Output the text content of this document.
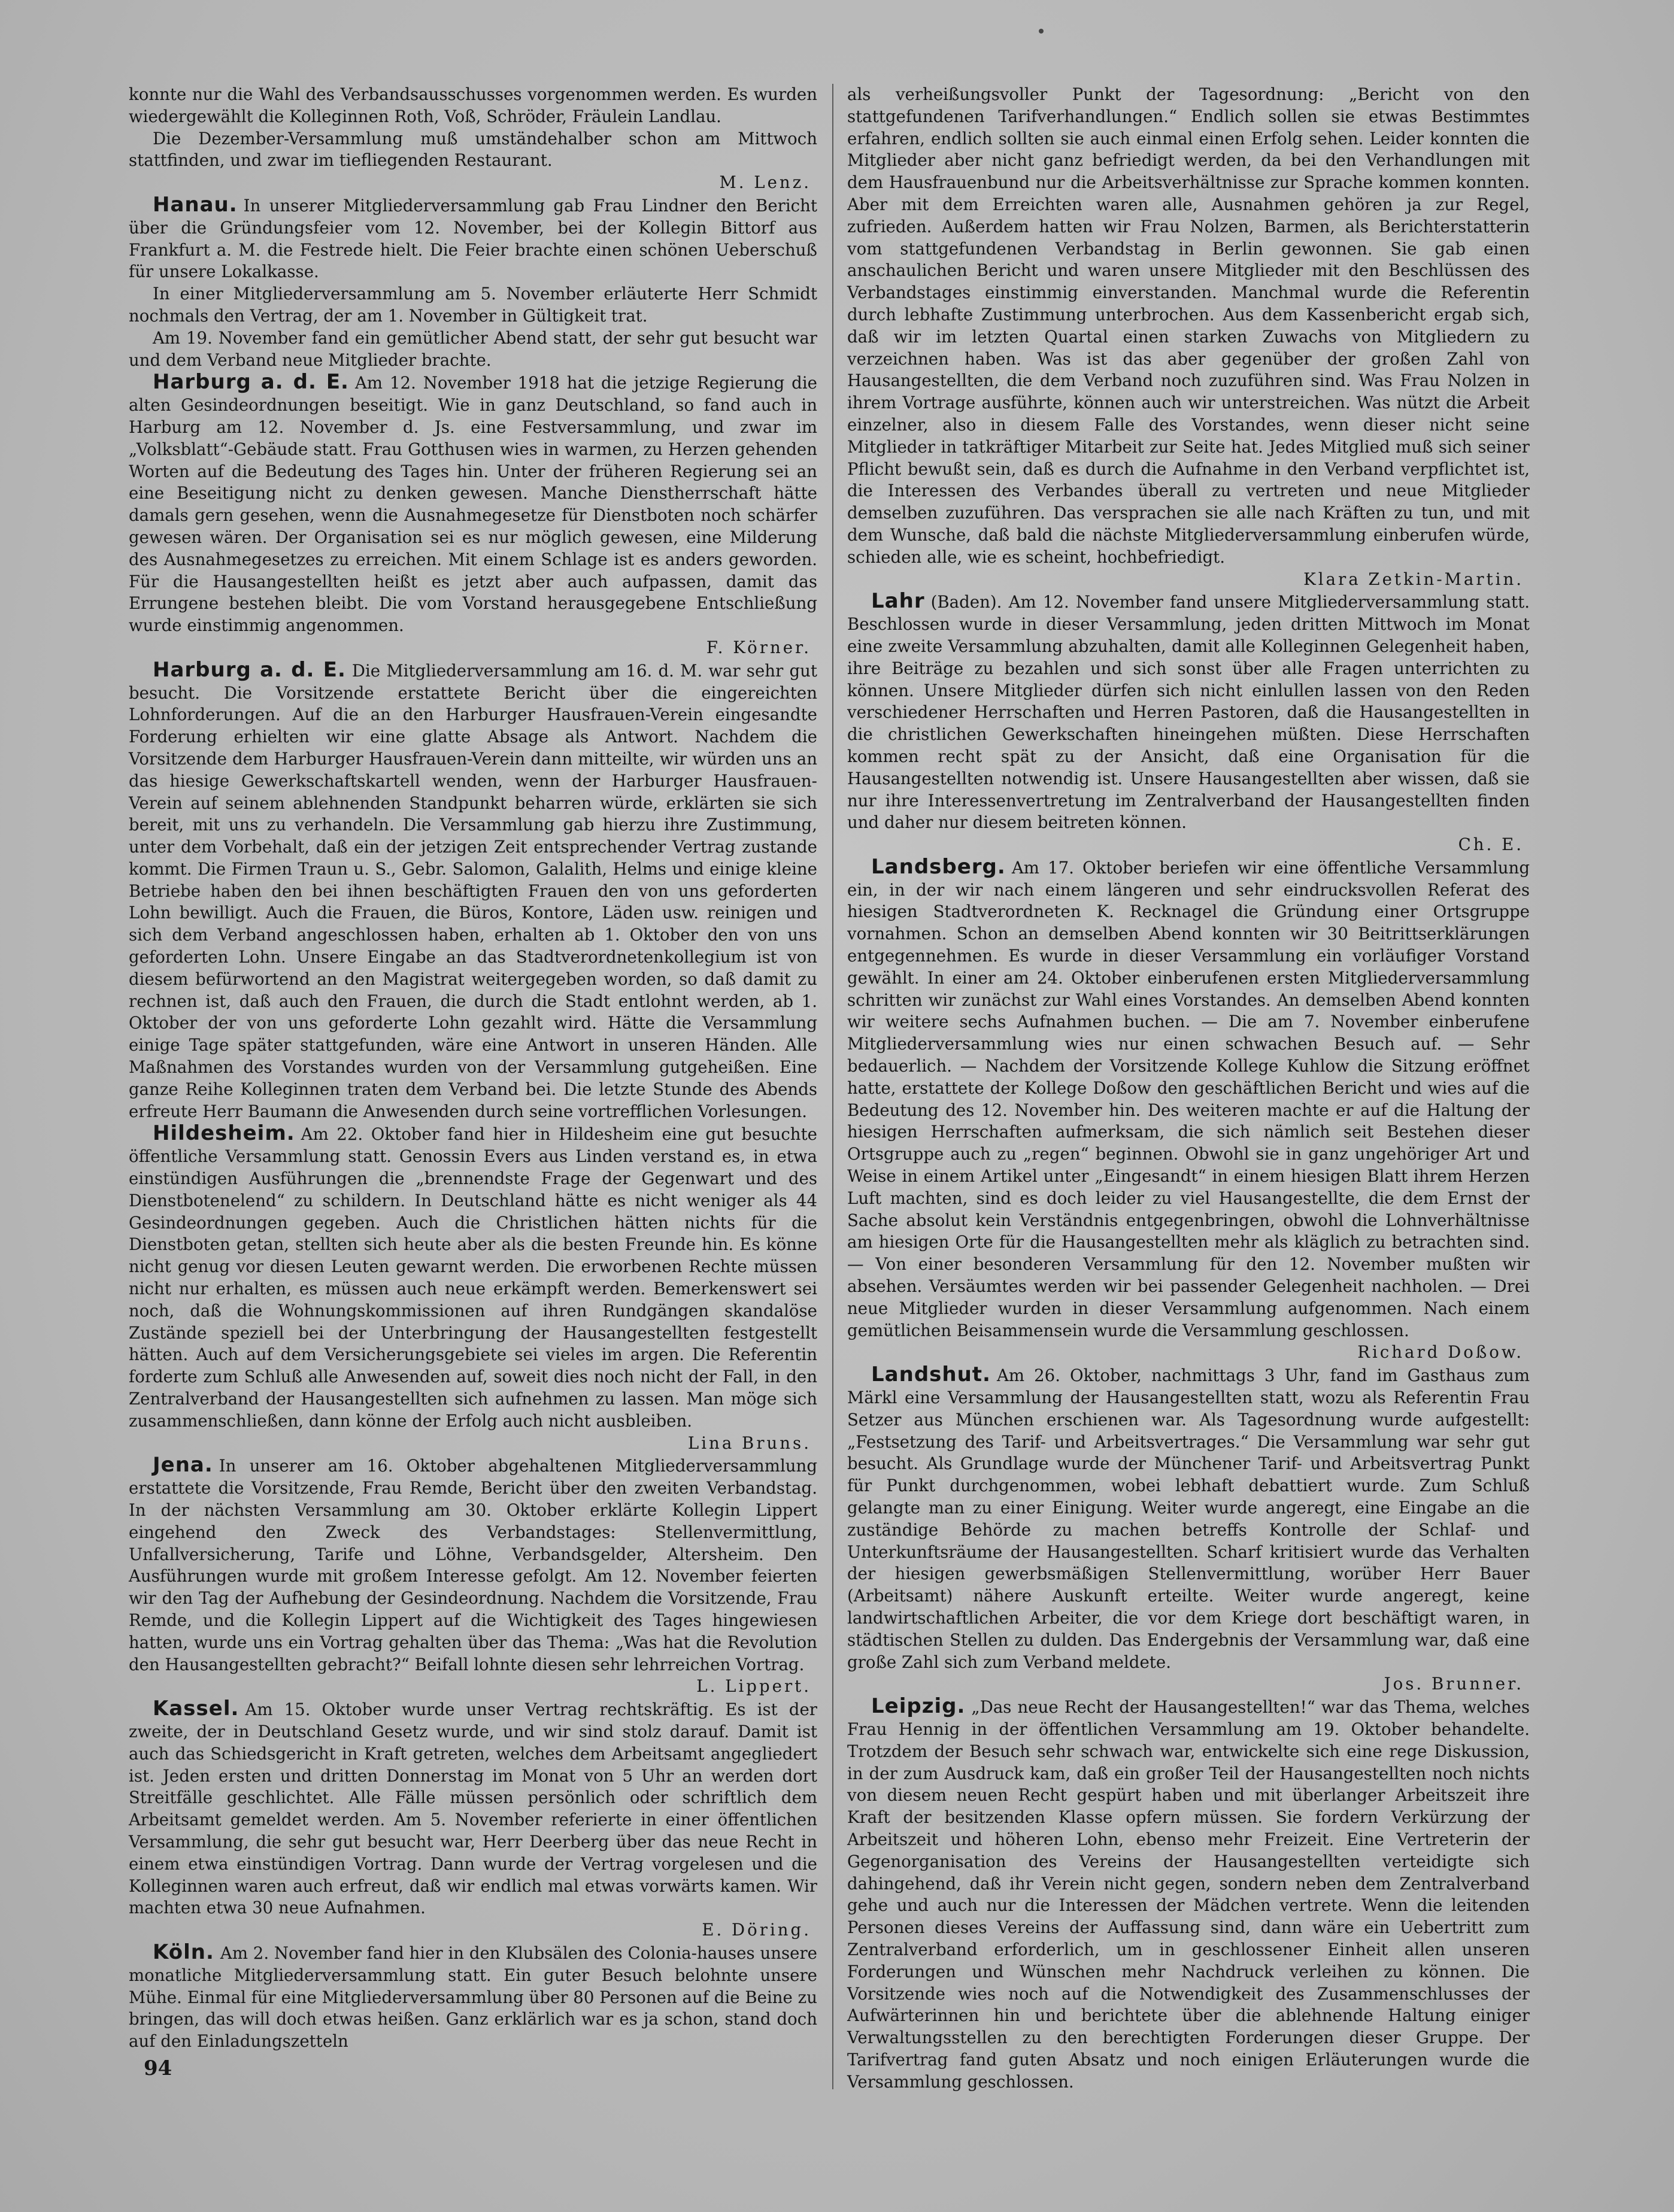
konnte nur die Wahl des Verbandsausschusses vorgenommen werden. Es wurden wiedergewählt die Kolleginnen Roth, Voß, Schröder, Fräulein Landlau.

Die Dezember-Versammlung muß umständehalber schon am Mittwoch stattfinden, und zwar im tiefliegenden Restaurant.

M. Lenz.

Hanau. In unserer Mitgliederversammlung gab Frau Lindner den Bericht über die Gründungsfeier vom 12. November, bei der Kollegin Bittorf aus Frankfurt a. M. die Festrede hielt. Die Feier brachte einen schönen Ueberschuß für unsere Lokalkasse.

In einer Mitgliederversammlung am 5. November erläuterte Herr Schmidt nochmals den Vertrag, der am 1. November in Gültigkeit trat.

Am 19. November fand ein gemütlicher Abend statt, der sehr gut besucht war und dem Verband neue Mitglieder brachte.

Harburg a. d. E. Am 12. November 1918 hat die jetzige Regierung die alten Gesindeordnungen beseitigt. Wie in ganz Deutschland, so fand auch in Harburg am 12. November d. Js. eine Festversammlung, und zwar im „Volksblatt“-Gebäude statt. Frau Gotthusen wies in warmen, zu Herzen gehenden Worten auf die Bedeutung des Tages hin. Unter der früheren Regierung sei an eine Beseitigung nicht zu denken gewesen. Manche Dienstherrschaft hätte damals gern gesehen, wenn die Ausnahmegesetze für Dienstboten noch schärfer gewesen wären. Der Organisation sei es nur möglich gewesen, eine Milderung des Ausnahmegesetzes zu erreichen. Mit einem Schlage ist es anders geworden. Für die Hausangestellten heißt es jetzt aber auch aufpassen, damit das Errungene bestehen bleibt. Die vom Vorstand herausgegebene Entschließung wurde einstimmig angenommen.

F. Körner.

Harburg a. d. E. Die Mitgliederversammlung am 16. d. M. war sehr gut besucht. Die Vorsitzende erstattete Bericht über die eingereichten Lohnforderungen. Auf die an den Harburger Hausfrauen-Verein eingesandte Forderung erhielten wir eine glatte Absage als Antwort. Nachdem die Vorsitzende dem Harburger Hausfrauen-Verein dann mitteilte, wir würden uns an das hiesige Gewerkschaftskartell wenden, wenn der Harburger Hausfrauen-Verein auf seinem ablehnenden Standpunkt beharren würde, erklärten sie sich bereit, mit uns zu verhandeln. Die Versammlung gab hierzu ihre Zustimmung, unter dem Vorbehalt, daß ein der jetzigen Zeit entsprechender Vertrag zustande kommt. Die Firmen Traun u. S., Gebr. Salomon, Galalith, Helms und einige kleine Betriebe haben den bei ihnen beschäftigten Frauen den von uns geforderten Lohn bewilligt. Auch die Frauen, die Büros, Kontore, Läden usw. reinigen und sich dem Verband angeschlossen haben, erhalten ab 1. Oktober den von uns geforderten Lohn. Unsere Eingabe an das Stadtverordnetenkollegium ist von diesem befürwortend an den Magistrat weitergegeben worden, so daß damit zu rechnen ist, daß auch den Frauen, die durch die Stadt entlohnt werden, ab 1. Oktober der von uns geforderte Lohn gezahlt wird. Hätte die Versammlung einige Tage später stattgefunden, wäre eine Antwort in unseren Händen. Alle Maßnahmen des Vorstandes wurden von der Versammlung gutgeheißen. Eine ganze Reihe Kolleginnen traten dem Verband bei. Die letzte Stunde des Abends erfreute Herr Baumann die Anwesenden durch seine vortrefflichen Vorlesungen.

Hildesheim. Am 22. Oktober fand hier in Hildesheim eine gut besuchte öffentliche Versammlung statt. Genossin Evers aus Linden verstand es, in etwa einstündigen Ausführungen die „brennendste Frage der Gegenwart und des Dienstbotenelend“ zu schildern. In Deutschland hätte es nicht weniger als 44 Gesindeordnungen gegeben. Auch die Christlichen hätten nichts für die Dienstboten getan, stellten sich heute aber als die besten Freunde hin. Es könne nicht genug vor diesen Leuten gewarnt werden. Die erworbenen Rechte müssen nicht nur erhalten, es müssen auch neue erkämpft werden. Bemerkenswert sei noch, daß die Wohnungskommissionen auf ihren Rundgängen skandalöse Zustände speziell bei der Unterbringung der Hausangestellten festgestellt hätten. Auch auf dem Versicherungsgebiete sei vieles im argen. Die Referentin forderte zum Schluß alle Anwesenden auf, soweit dies noch nicht der Fall, in den Zentralverband der Hausangestellten sich aufnehmen zu lassen. Man möge sich zusammenschließen, dann könne der Erfolg auch nicht ausbleiben.

Lina Bruns.

Jena. In unserer am 16. Oktober abgehaltenen Mitgliederversammlung erstattete die Vorsitzende, Frau Remde, Bericht über den zweiten Verbandstag. In der nächsten Versammlung am 30. Oktober erklärte Kollegin Lippert eingehend den Zweck des Verbandstages: Stellenvermittlung, Unfallversicherung, Tarife und Löhne, Verbandsgelder, Altersheim. Den Ausführungen wurde mit großem Interesse gefolgt. Am 12. November feierten wir den Tag der Aufhebung der Gesindeordnung. Nachdem die Vorsitzende, Frau Remde, und die Kollegin Lippert auf die Wichtigkeit des Tages hingewiesen hatten, wurde uns ein Vortrag gehalten über das Thema: „Was hat die Revolution den Hausangestellten gebracht?“ Beifall lohnte diesen sehr lehrreichen Vortrag.

L. Lippert.

Kassel. Am 15. Oktober wurde unser Vertrag rechtskräftig. Es ist der zweite, der in Deutschland Gesetz wurde, und wir sind stolz darauf. Damit ist auch das Schiedsgericht in Kraft getreten, welches dem Arbeitsamt angegliedert ist. Jeden ersten und dritten Donnerstag im Monat von 5 Uhr an werden dort Streitfälle geschlichtet. Alle Fälle müssen persönlich oder schriftlich dem Arbeitsamt gemeldet werden. Am 5. November referierte in einer öffentlichen Versammlung, die sehr gut besucht war, Herr Deerberg über das neue Recht in einem etwa einstündigen Vortrag. Dann wurde der Vertrag vorgelesen und die Kolleginnen waren auch erfreut, daß wir endlich mal etwas vorwärts kamen. Wir machten etwa 30 neue Aufnahmen.

E. Döring.

Köln. Am 2. November fand hier in den Klubsälen des Colonia-hauses unsere monatliche Mitgliederversammlung statt. Ein guter Besuch belohnte unsere Mühe. Einmal für eine Mitgliederversammlung über 80 Personen auf die Beine zu bringen, das will doch etwas heißen. Ganz erklärlich war es ja schon, stand doch auf den Einladungszetteln

als verheißungsvoller Punkt der Tagesordnung: „Bericht von den stattgefundenen Tarifverhandlungen.“ Endlich sollen sie etwas Bestimmtes erfahren, endlich sollten sie auch einmal einen Erfolg sehen. Leider konnten die Mitglieder aber nicht ganz befriedigt werden, da bei den Verhandlungen mit dem Hausfrauenbund nur die Arbeitsverhältnisse zur Sprache kommen konnten. Aber mit dem Erreichten waren alle, Ausnahmen gehören ja zur Regel, zufrieden. Außerdem hatten wir Frau Nolzen, Barmen, als Berichterstatterin vom stattgefundenen Verbandstag in Berlin gewonnen. Sie gab einen anschaulichen Bericht und waren unsere Mitglieder mit den Beschlüssen des Verbandstages einstimmig einverstanden. Manchmal wurde die Referentin durch lebhafte Zustimmung unterbrochen. Aus dem Kassenbericht ergab sich, daß wir im letzten Quartal einen starken Zuwachs von Mitgliedern zu verzeichnen haben. Was ist das aber gegenüber der großen Zahl von Hausangestellten, die dem Verband noch zuzuführen sind. Was Frau Nolzen in ihrem Vortrage ausführte, können auch wir unterstreichen. Was nützt die Arbeit einzelner, also in diesem Falle des Vorstandes, wenn dieser nicht seine Mitglieder in tatkräftiger Mitarbeit zur Seite hat. Jedes Mitglied muß sich seiner Pflicht bewußt sein, daß es durch die Aufnahme in den Verband verpflichtet ist, die Interessen des Verbandes überall zu vertreten und neue Mitglieder demselben zuzuführen. Das versprachen sie alle nach Kräften zu tun, und mit dem Wunsche, daß bald die nächste Mitgliederversammlung einberufen würde, schieden alle, wie es scheint, hochbefriedigt.

Klara Zetkin-Martin.

Lahr (Baden). Am 12. November fand unsere Mitgliederversammlung statt. Beschlossen wurde in dieser Versammlung, jeden dritten Mittwoch im Monat eine zweite Versammlung abzuhalten, damit alle Kolleginnen Gelegenheit haben, ihre Beiträge zu bezahlen und sich sonst über alle Fragen unterrichten zu können. Unsere Mitglieder dürfen sich nicht einlullen lassen von den Reden verschiedener Herrschaften und Herren Pastoren, daß die Hausangestellten in die christlichen Gewerkschaften hineingehen müßten. Diese Herrschaften kommen recht spät zu der Ansicht, daß eine Organisation für die Hausangestellten notwendig ist. Unsere Hausangestellten aber wissen, daß sie nur ihre Interessenvertretung im Zentralverband der Hausangestellten finden und daher nur diesem beitreten können.

Ch. E.

Landsberg. Am 17. Oktober beriefen wir eine öffentliche Versammlung ein, in der wir nach einem längeren und sehr eindrucksvollen Referat des hiesigen Stadtverordneten K. Recknagel die Gründung einer Ortsgruppe vornahmen. Schon an demselben Abend konnten wir 30 Beitrittserklärungen entgegennehmen. Es wurde in dieser Versammlung ein vorläufiger Vorstand gewählt. In einer am 24. Oktober einberufenen ersten Mitgliederversammlung schritten wir zunächst zur Wahl eines Vorstandes. An demselben Abend konnten wir weitere sechs Aufnahmen buchen. — Die am 7. November einberufene Mitgliederversammlung wies nur einen schwachen Besuch auf. — Sehr bedauerlich. — Nachdem der Vorsitzende Kollege Kuhlow die Sitzung eröffnet hatte, erstattete der Kollege Doßow den geschäftlichen Bericht und wies auf die Bedeutung des 12. November hin. Des weiteren machte er auf die Haltung der hiesigen Herrschaften aufmerksam, die sich nämlich seit Bestehen dieser Ortsgruppe auch zu „regen“ beginnen. Obwohl sie in ganz ungehöriger Art und Weise in einem Artikel unter „Eingesandt“ in einem hiesigen Blatt ihrem Herzen Luft machten, sind es doch leider zu viel Hausangestellte, die dem Ernst der Sache absolut kein Verständnis entgegenbringen, obwohl die Lohnverhältnisse am hiesigen Orte für die Hausangestellten mehr als kläglich zu betrachten sind. — Von einer besonderen Versammlung für den 12. November mußten wir absehen. Versäumtes werden wir bei passender Gelegenheit nachholen. — Drei neue Mitglieder wurden in dieser Versammlung aufgenommen. Nach einem gemütlichen Beisammensein wurde die Versammlung geschlossen.

Richard Doßow.

Landshut. Am 26. Oktober, nachmittags 3 Uhr, fand im Gasthaus zum Märkl eine Versammlung der Hausangestellten statt, wozu als Referentin Frau Setzer aus München erschienen war. Als Tagesordnung wurde aufgestellt: „Festsetzung des Tarif- und Arbeitsvertrages.“ Die Versammlung war sehr gut besucht. Als Grundlage wurde der Münchener Tarif- und Arbeitsvertrag Punkt für Punkt durchgenommen, wobei lebhaft debattiert wurde. Zum Schluß gelangte man zu einer Einigung. Weiter wurde angeregt, eine Eingabe an die zuständige Behörde zu machen betreffs Kontrolle der Schlaf- und Unterkunftsräume der Hausangestellten. Scharf kritisiert wurde das Verhalten der hiesigen gewerbsmäßigen Stellenvermittlung, worüber Herr Bauer (Arbeitsamt) nähere Auskunft erteilte. Weiter wurde angeregt, keine landwirtschaftlichen Arbeiter, die vor dem Kriege dort beschäftigt waren, in städtischen Stellen zu dulden. Das Endergebnis der Versammlung war, daß eine große Zahl sich zum Verband meldete.

Jos. Brunner.

Leipzig. „Das neue Recht der Hausangestellten!“ war das Thema, welches Frau Hennig in der öffentlichen Versammlung am 19. Oktober behandelte. Trotzdem der Besuch sehr schwach war, entwickelte sich eine rege Diskussion, in der zum Ausdruck kam, daß ein großer Teil der Hausangestellten noch nichts von diesem neuen Recht gespürt haben und mit überlanger Arbeitszeit ihre Kraft der besitzenden Klasse opfern müssen. Sie fordern Verkürzung der Arbeitszeit und höheren Lohn, ebenso mehr Freizeit. Eine Vertreterin der Gegenorganisation des Vereins der Hausangestellten verteidigte sich dahingehend, daß ihr Verein nicht gegen, sondern neben dem Zentralverband gehe und auch nur die Interessen der Mädchen vertrete. Wenn die leitenden Personen dieses Vereins der Auffassung sind, dann wäre ein Uebertritt zum Zentralverband erforderlich, um in geschlossener Einheit allen unseren Forderungen und Wünschen mehr Nachdruck verleihen zu können. Die Vorsitzende wies noch auf die Notwendigkeit des Zusammenschlusses der Aufwärterinnen hin und berichtete über die ablehnende Haltung einiger Verwaltungsstellen zu den berechtigten Forderungen dieser Gruppe. Der Tarifvertrag fand guten Absatz und noch einigen Erläuterungen wurde die Versammlung geschlossen.

94
